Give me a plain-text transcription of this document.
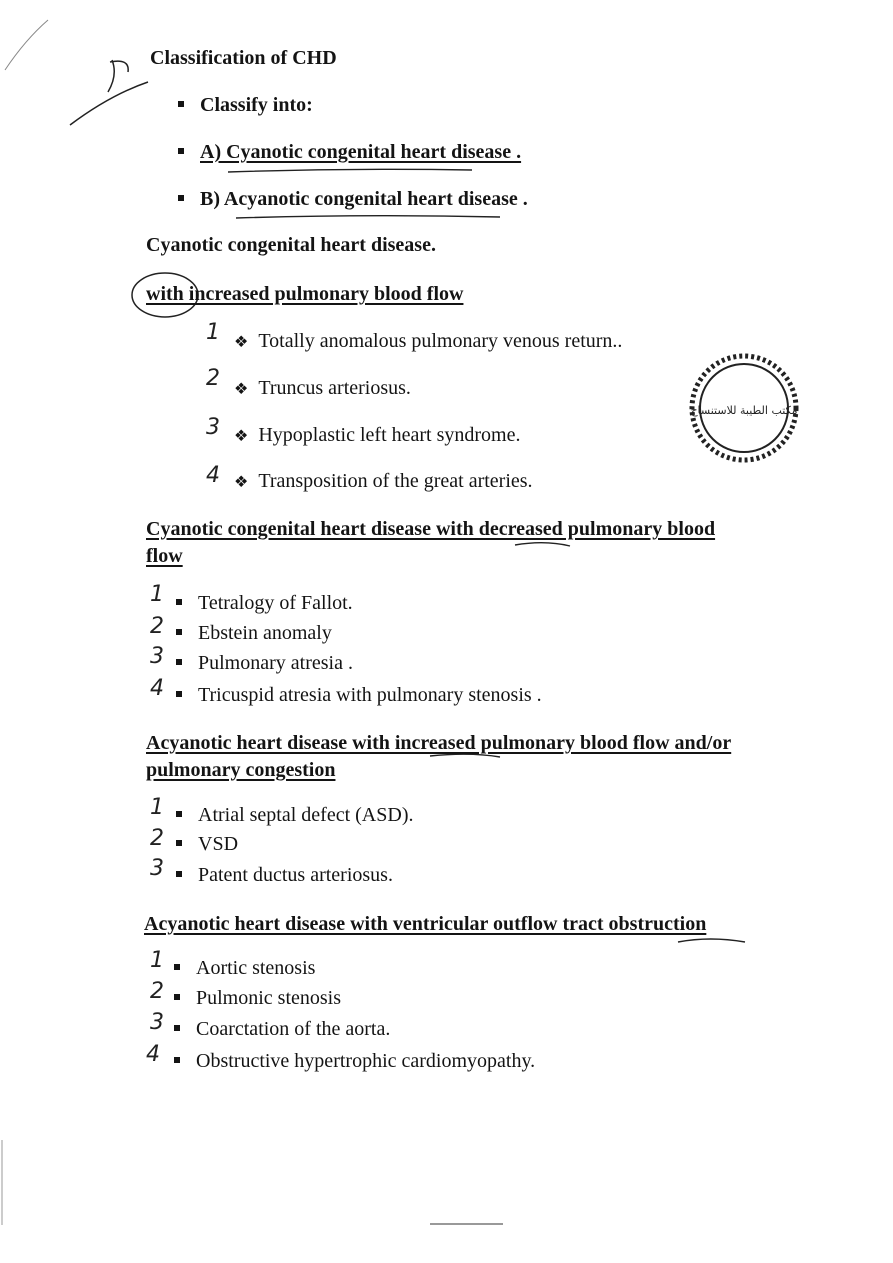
Classification of CHD
Classify into:
A) Cyanotic congenital heart disease .
B) Acyanotic congenital heart disease .
Cyanotic congenital heart disease.
with increased pulmonary blood flow
1 ❖ Totally anomalous pulmonary venous return..
2 ❖ Truncus arteriosus.
3 ❖ Hypoplastic left heart syndrome.
4 ❖ Transposition of the great arteries.
مكتب الطيبة للاستنساخ
Cyanotic congenital heart disease with decreased pulmonary blood
flow
1	Tetralogy of Fallot.
2	Ebstein anomaly
3	Pulmonary atresia .
4	Tricuspid atresia with pulmonary stenosis .
Acyanotic heart disease with increased pulmonary blood flow and/or
pulmonary congestion
1	Atrial septal defect (ASD).
2	VSD
3	Patent ductus arteriosus.
Acyanotic heart disease with ventricular outflow tract obstruction
1	Aortic stenosis
2	Pulmonic stenosis
3	Coarctation of the aorta.
4	Obstructive hypertrophic cardiomyopathy.
